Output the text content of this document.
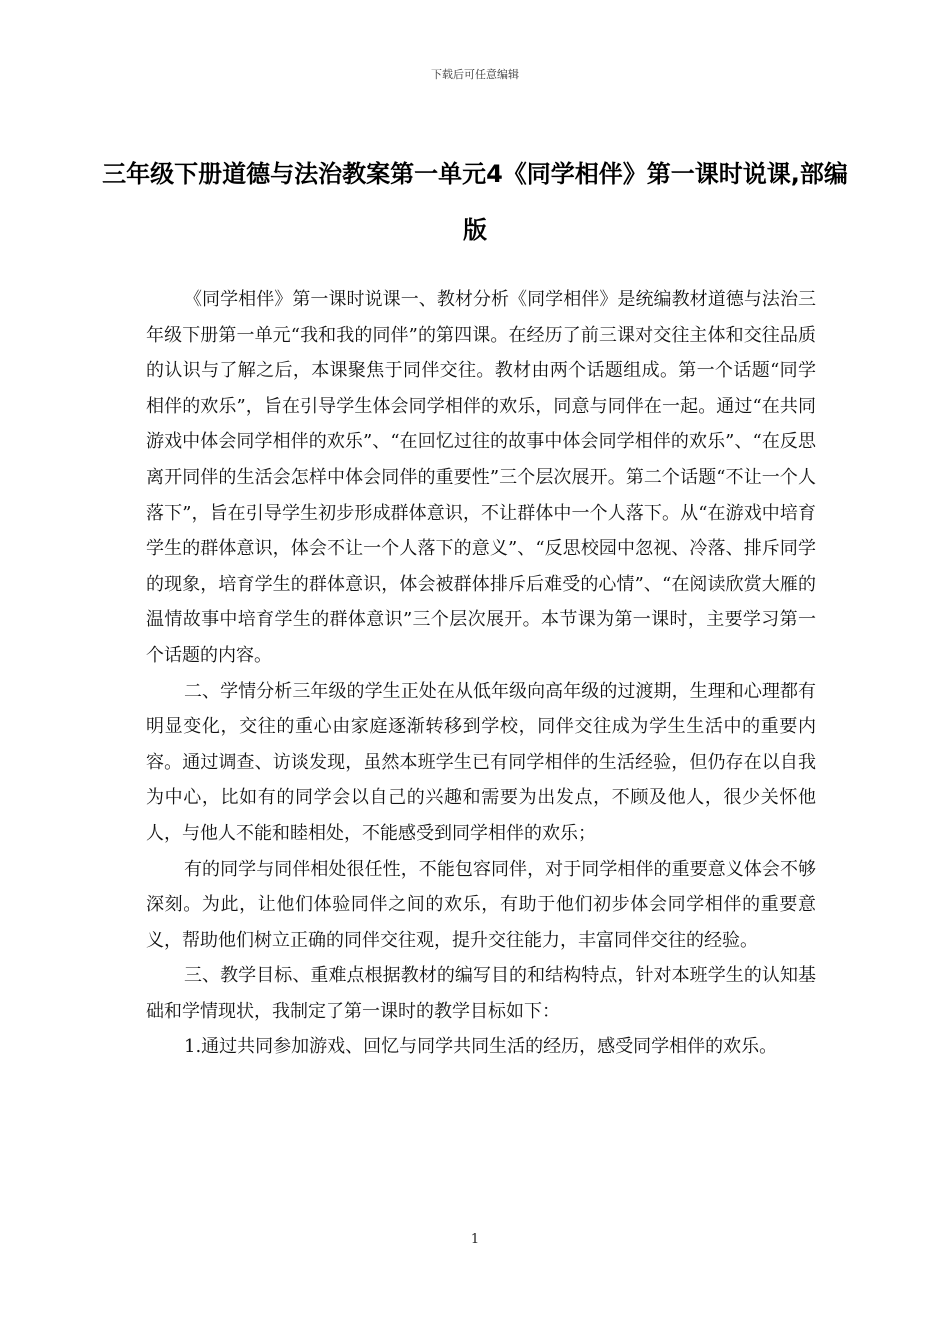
下载后可任意编辑
三年级下册道德与法治教案第一单元4《同学相伴》第一课时说课,部编版

《同学相伴》第一课时说课一、教材分析《同学相伴》是统编教材道德与法治三年级下册第一单元“我和我的同伴”的第四课。在经历了前三课对交往主体和交往品质的认识与了解之后，本课聚焦于同伴交往。教材由两个话题组成。第一个话题“同学相伴的欢乐”，旨在引导学生体会同学相伴的欢乐，同意与同伴在一起。通过“在共同游戏中体会同学相伴的欢乐”、“在回忆过往的故事中体会同学相伴的欢乐”、“在反思离开同伴的生活会怎样中体会同伴的重要性”三个层次展开。第二个话题“不让一个人落下”，旨在引导学生初步形成群体意识，不让群体中一个人落下。从“在游戏中培育学生的群体意识，体会不让一个人落下的意义”、“反思校园中忽视、冷落、排斥同学的现象，培育学生的群体意识，体会被群体排斥后难受的心情”、“在阅读欣赏大雁的温情故事中培育学生的群体意识”三个层次展开。本节课为第一课时，主要学习第一个话题的内容。

二、学情分析三年级的学生正处在从低年级向高年级的过渡期，生理和心理都有明显变化，交往的重心由家庭逐渐转移到学校，同伴交往成为学生生活中的重要内容。通过调查、访谈发现，虽然本班学生已有同学相伴的生活经验，但仍存在以自我为中心，比如有的同学会以自己的兴趣和需要为出发点，不顾及他人，很少关怀他人，与他人不能和睦相处，不能感受到同学相伴的欢乐；

有的同学与同伴相处很任性，不能包容同伴，对于同学相伴的重要意义体会不够深刻。为此，让他们体验同伴之间的欢乐，有助于他们初步体会同学相伴的重要意义，帮助他们树立正确的同伴交往观，提升交往能力，丰富同伴交往的经验。

三、教学目标、重难点根据教材的编写目的和结构特点，针对本班学生的认知基础和学情现状，我制定了第一课时的教学目标如下：

1.通过共同参加游戏、回忆与同学共同生活的经历，感受同学相伴的欢乐。

1
